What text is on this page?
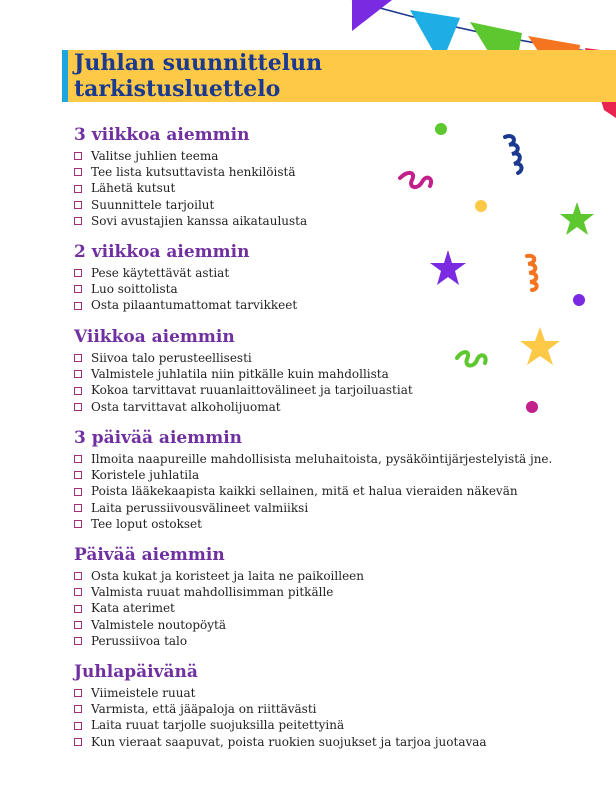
Juhlan suunnittelun tarkistusluettelo
3 viikkoa aiemmin
Valitse juhlien teema
Tee lista kutsuttavista henkilöistä
Lähetä kutsut
Suunnittele tarjoilut
Sovi avustajien kanssa aikataulusta
2 viikkoa aiemmin
Pese käytettävät astiat
Luo soittolista
Osta pilaantumattomat tarvikkeet
Viikkoa aiemmin
Siivoa talo perusteellisesti
Valmistele juhlatila niin pitkälle kuin mahdollista
Kokoa tarvittavat ruuanlaittovälineet ja tarjoiluastiat
Osta tarvittavat alkoholijuomat
3 päivää aiemmin
Ilmoita naapureille mahdollisista meluhaitoista, pysäköintijärjestelyistä jne.
Koristele juhlatila
Poista lääkekaapista kaikki sellainen, mitä et halua vieraiden näkevän
Laita perussiivousvälineet valmiiksi
Tee loput ostokset
Päivää aiemmin
Osta kukat ja koristeet ja laita ne paikoilleen
Valmista ruuat mahdollisimman pitkälle
Kata aterimet
Valmistele noutopöytä
Perussiivoa talo
Juhlapäivänä
Viimeistele ruuat
Varmista, että jääpaloja on riittävästi
Laita ruuat tarjolle suojuksilla peitettyinä
Kun vieraat saapuvat, poista ruokien suojukset ja tarjoa juotavaa
